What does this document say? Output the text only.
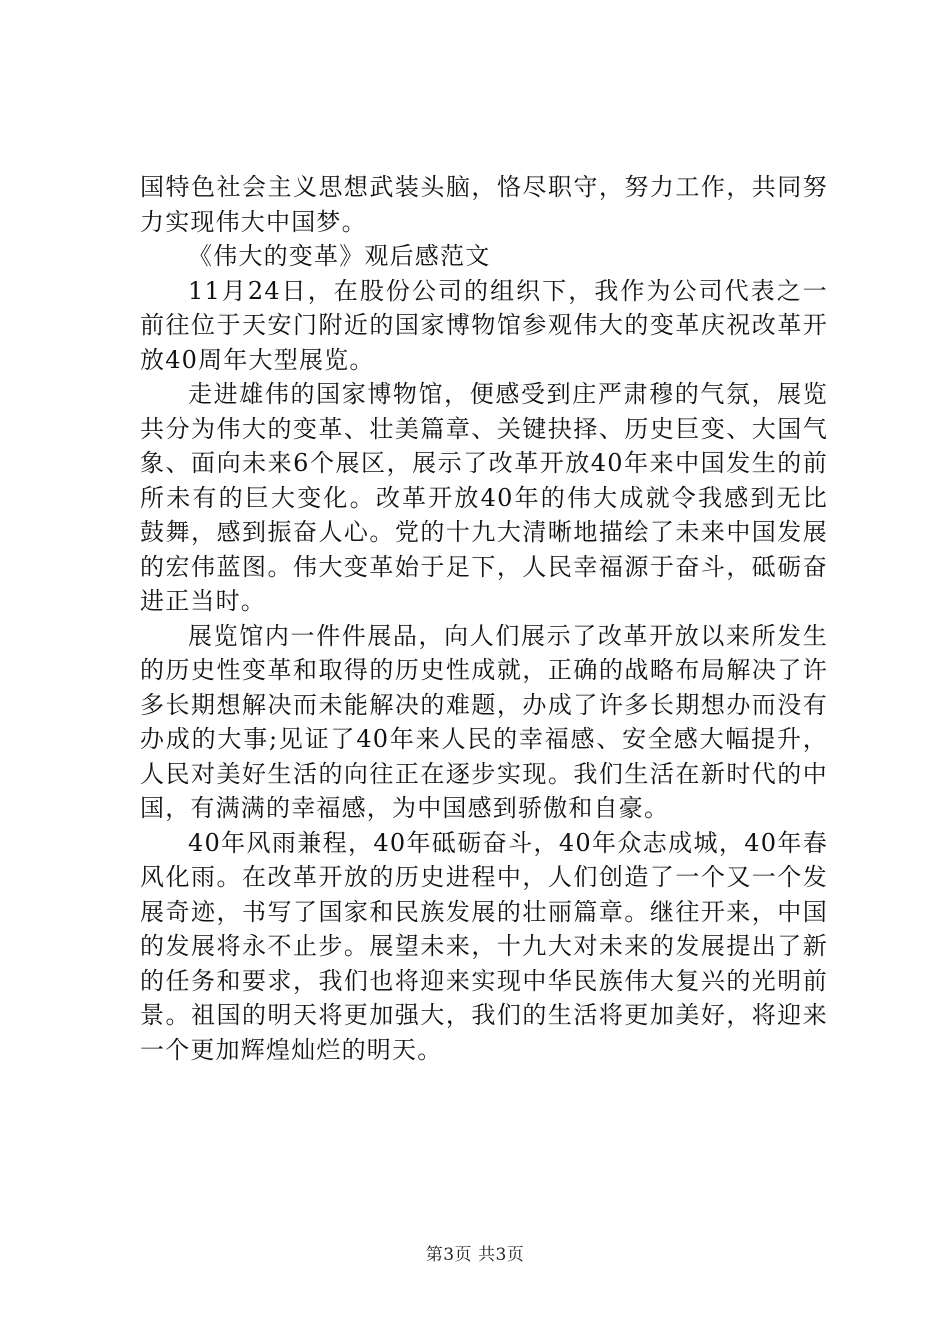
国特色社会主义思想武装头脑，恪尽职守，努力工作，共同努力实现伟大中国梦。

《伟大的变革》观后感范文

11月24日，在股份公司的组织下，我作为公司代表之一前往位于天安门附近的国家博物馆参观伟大的变革庆祝改革开放40周年大型展览。

走进雄伟的国家博物馆，便感受到庄严肃穆的气氛，展览共分为伟大的变革、壮美篇章、关键抉择、历史巨变、大国气象、面向未来6个展区，展示了改革开放40年来中国发生的前所未有的巨大变化。改革开放40年的伟大成就令我感到无比鼓舞，感到振奋人心。党的十九大清晰地描绘了未来中国发展的宏伟蓝图。伟大变革始于足下，人民幸福源于奋斗，砥砺奋进正当时。

展览馆内一件件展品，向人们展示了改革开放以来所发生的历史性变革和取得的历史性成就，正确的战略布局解决了许多长期想解决而未能解决的难题，办成了许多长期想办而没有办成的大事;见证了40年来人民的幸福感、安全感大幅提升，人民对美好生活的向往正在逐步实现。我们生活在新时代的中国，有满满的幸福感，为中国感到骄傲和自豪。

40年风雨兼程，40年砥砺奋斗，40年众志成城，40年春风化雨。在改革开放的历史进程中，人们创造了一个又一个发展奇迹，书写了国家和民族发展的壮丽篇章。继往开来，中国的发展将永不止步。展望未来，十九大对未来的发展提出了新的任务和要求，我们也将迎来实现中华民族伟大复兴的光明前景。祖国的明天将更加强大，我们的生活将更加美好，将迎来一个更加辉煌灿烂的明天。

第3页 共3页
